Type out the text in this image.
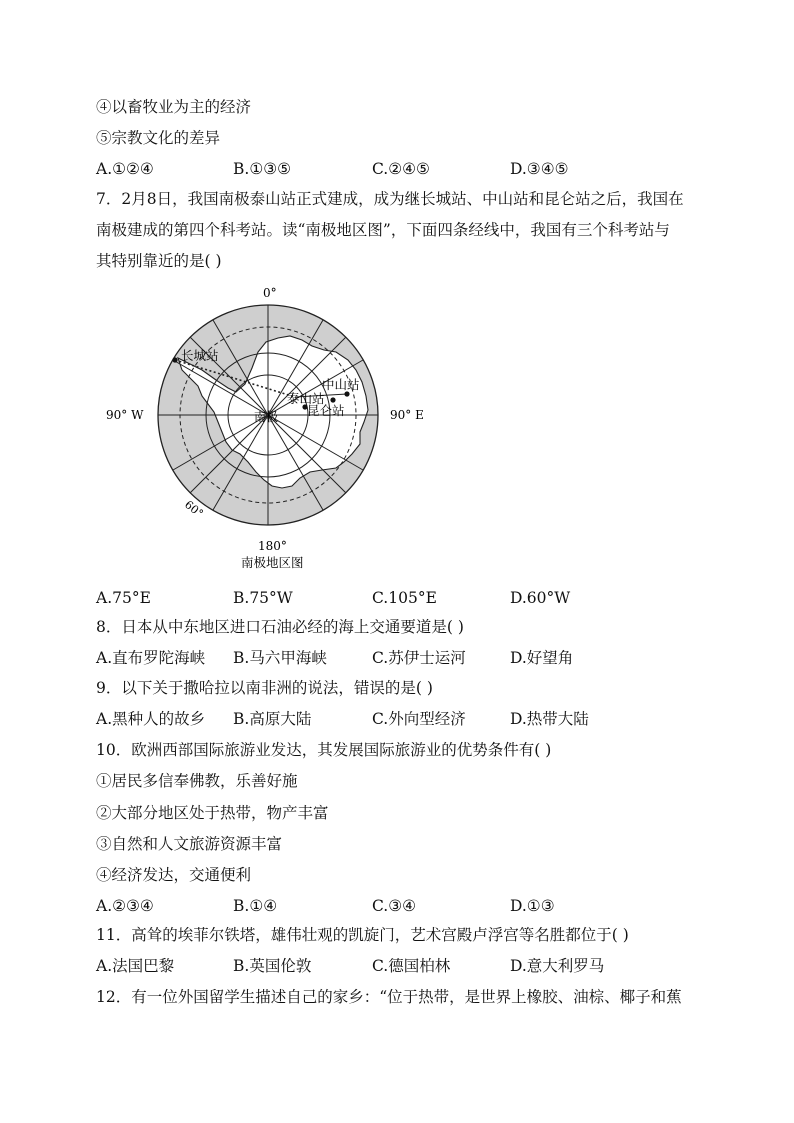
④以畜牧业为主的经济
⑤宗教文化的差异
A.①②④	B.①③⑤	C.②④⑤	D.③④⑤
7．2月8日，我国南极泰山站正式建成，成为继长城站、中山站和昆仑站之后，我国在
南极建成的第四个科考站。读“南极地区图”，下面四条经线中，我国有三个科考站与
其特别靠近的是( )
0°
90° W	90° E
180°
60°
南极
长城站
中山站
泰山站
昆仑站
南极地区图
A.75°E	B.75°W	C.105°E	D.60°W
8．日本从中东地区进口石油必经的海上交通要道是( )
A.直布罗陀海峡 B.马六甲海峡	C.苏伊士运河	D.好望角
9．以下关于撒哈拉以南非洲的说法，错误的是( )
A.黑种人的故乡 B.高原大陆	C.外向型经济	D.热带大陆
10．欧洲西部国际旅游业发达，其发展国际旅游业的优势条件有( )
①居民多信奉佛教，乐善好施
②大部分地区处于热带，物产丰富
③自然和人文旅游资源丰富
④经济发达，交通便利
A.②③④	B.①④	C.③④	D.①③
11．高耸的埃菲尔铁塔，雄伟壮观的凯旋门，艺术宫殿卢浮宫等名胜都位于( )
A.法国巴黎	B.英国伦敦	C.德国柏林	D.意大利罗马
12．有一位外国留学生描述自己的家乡：“位于热带，是世界上橡胶、油棕、椰子和蕉
